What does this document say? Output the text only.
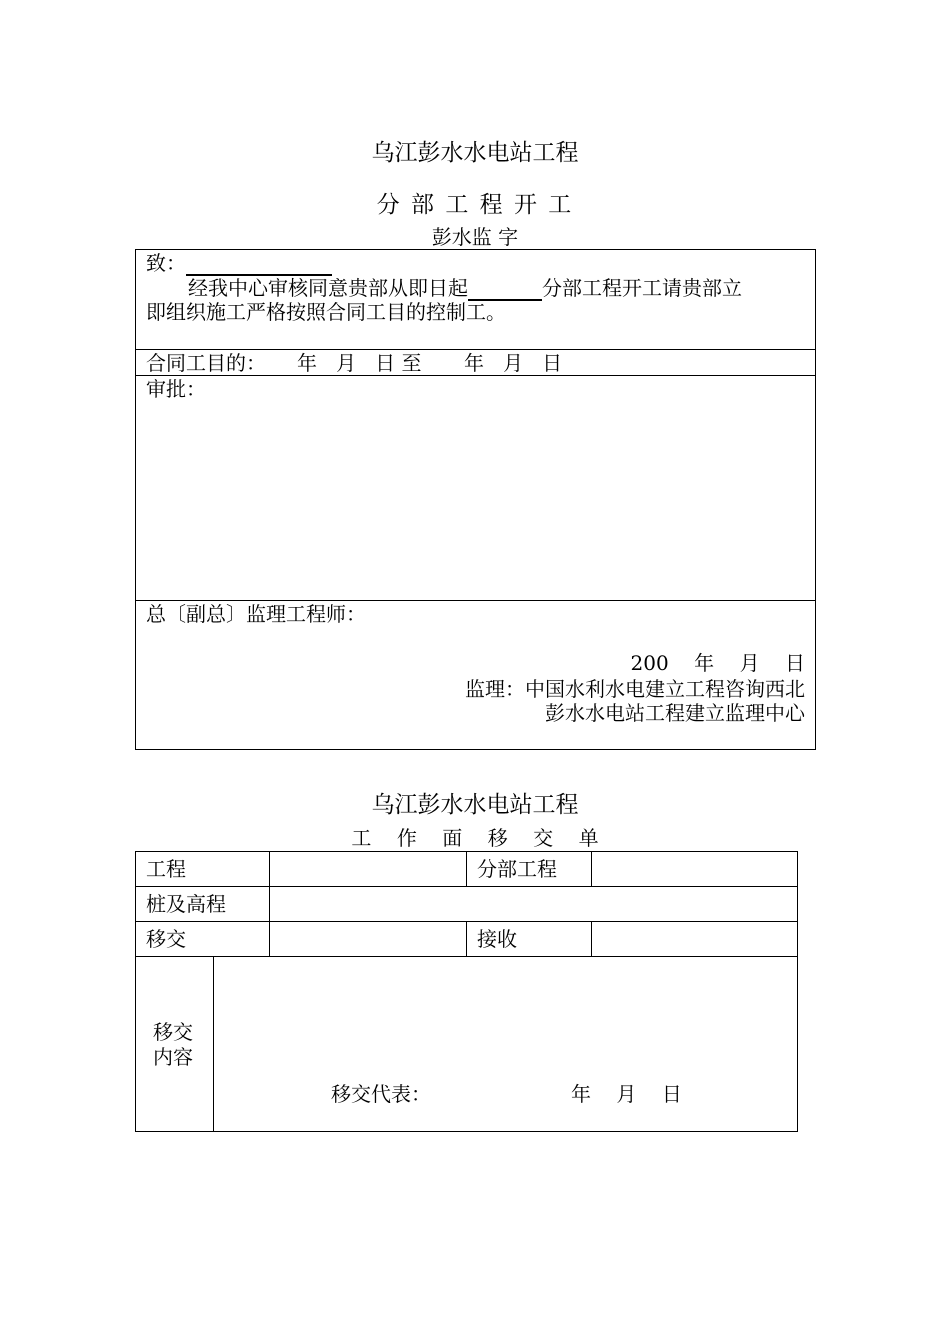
乌江彭水水电站工程
分 部 工 程 开 工
彭水监 字
致：
经我中心审核同意贵部从即日起	分部工程开工请贵部立
即组织施工严格按照合同工目的控制工。
合同工目的： 年   月   日 至 年   月   日
审批：
总〔副总〕监理工程师：
200    年    月    日
监理：中国水利水电建立工程咨询西北
彭水水电站工程建立监理中心
乌江彭水水电站工程
工    作    面    移    交    单
工程	分部工程
桩及高程
移交	接收
移交
内容
移交代表：	年    月    日
